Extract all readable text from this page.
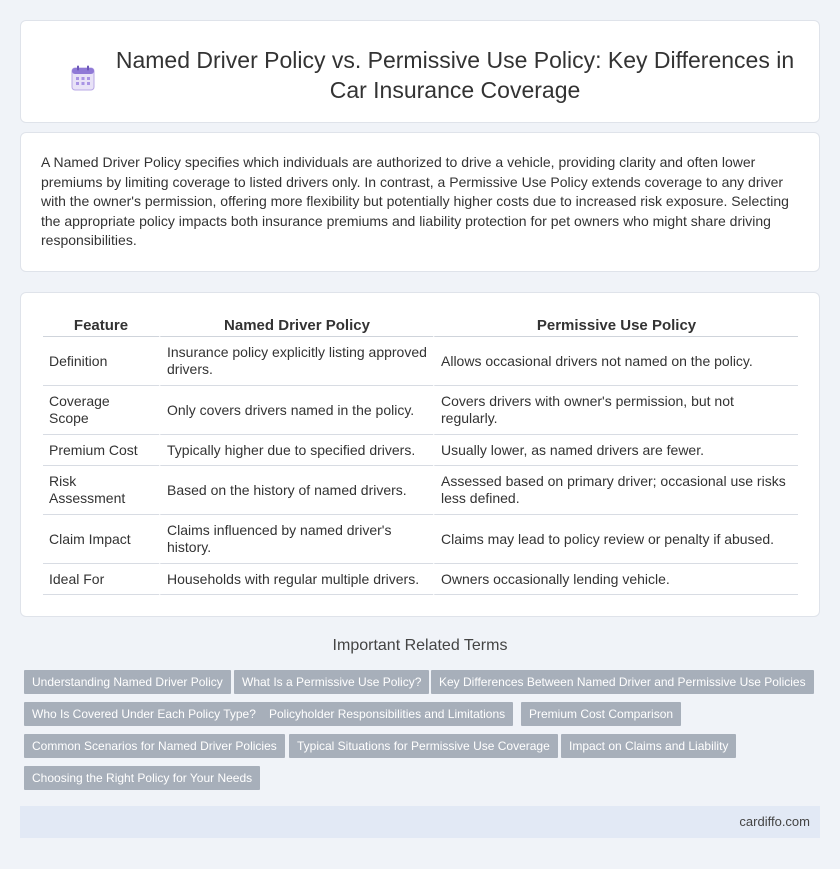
Named Driver Policy vs. Permissive Use Policy: Key Differences in Car Insurance Coverage

A Named Driver Policy specifies which individuals are authorized to drive a vehicle, providing clarity and often lower premiums by limiting coverage to listed drivers only. In contrast, a Permissive Use Policy extends coverage to any driver with the owner's permission, offering more flexibility but potentially higher costs due to increased risk exposure. Selecting the appropriate policy impacts both insurance premiums and liability protection for pet owners who might share driving responsibilities.

Feature	Named Driver Policy	Permissive Use Policy
Definition	Insurance policy explicitly listing approved drivers.	Allows occasional drivers not named on the policy.
Coverage Scope	Only covers drivers named in the policy.	Covers drivers with owner's permission, but not regularly.
Premium Cost	Typically higher due to specified drivers.	Usually lower, as named drivers are fewer.
Risk Assessment	Based on the history of named drivers.	Assessed based on primary driver; occasional use risks less defined.
Claim Impact	Claims influenced by named driver's history.	Claims may lead to policy review or penalty if abused.
Ideal For	Households with regular multiple drivers.	Owners occasionally lending vehicle.
Important Related Terms
Understanding Named Driver Policy	What Is a Permissive Use Policy?	Key Differences Between Named Driver and Permissive Use Policies
Who Is Covered Under Each Policy Type?	Policyholder Responsibilities and Limitations	Premium Cost Comparison
Common Scenarios for Named Driver Policies	Typical Situations for Permissive Use Coverage	Impact on Claims and Liability
Choosing the Right Policy for Your Needs
cardiffo.com
